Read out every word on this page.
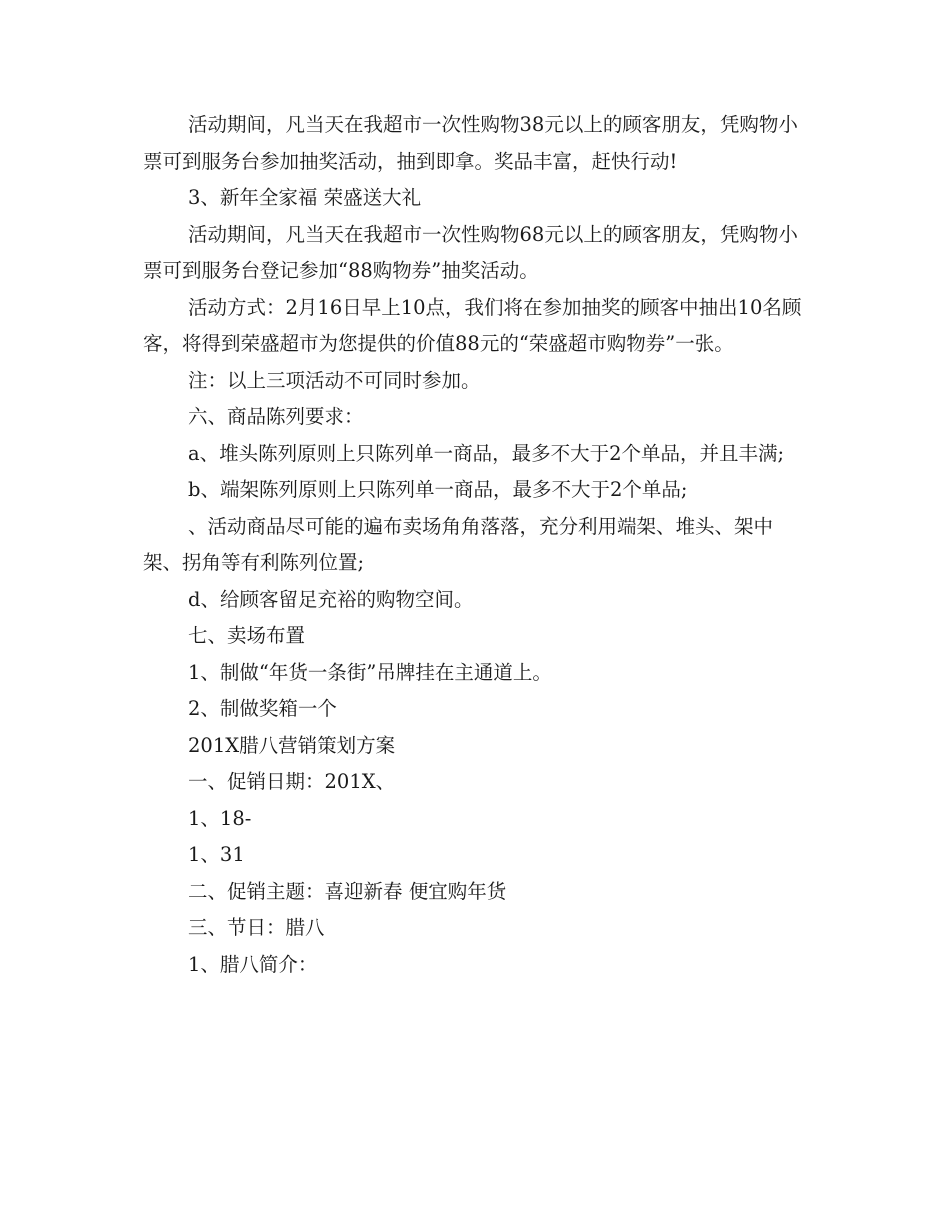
活动期间，凡当天在我超市一次性购物38元以上的顾客朋友，凭购物小票可到服务台参加抽奖活动，抽到即拿。奖品丰富，赶快行动!

3、新年全家福 荣盛送大礼

活动期间，凡当天在我超市一次性购物68元以上的顾客朋友，凭购物小票可到服务台登记参加“88购物券”抽奖活动。

活动方式：2月16日早上10点，我们将在参加抽奖的顾客中抽出10名顾客，将得到荣盛超市为您提供的价值88元的“荣盛超市购物券”一张。

注：以上三项活动不可同时参加。

六、商品陈列要求：

a、堆头陈列原则上只陈列单一商品，最多不大于2个单品，并且丰满;

b、端架陈列原则上只陈列单一商品，最多不大于2个单品;

、活动商品尽可能的遍布卖场角角落落，充分利用端架、堆头、架中架、拐角等有利陈列位置;

d、给顾客留足充裕的购物空间。

七、卖场布置

1、制做“年货一条街”吊牌挂在主通道上。

2、制做奖箱一个

201X腊八营销策划方案

一、促销日期：201X、

1、18-

1、31

二、促销主题：喜迎新春 便宜购年货

三、节日：腊八

1、腊八简介：
